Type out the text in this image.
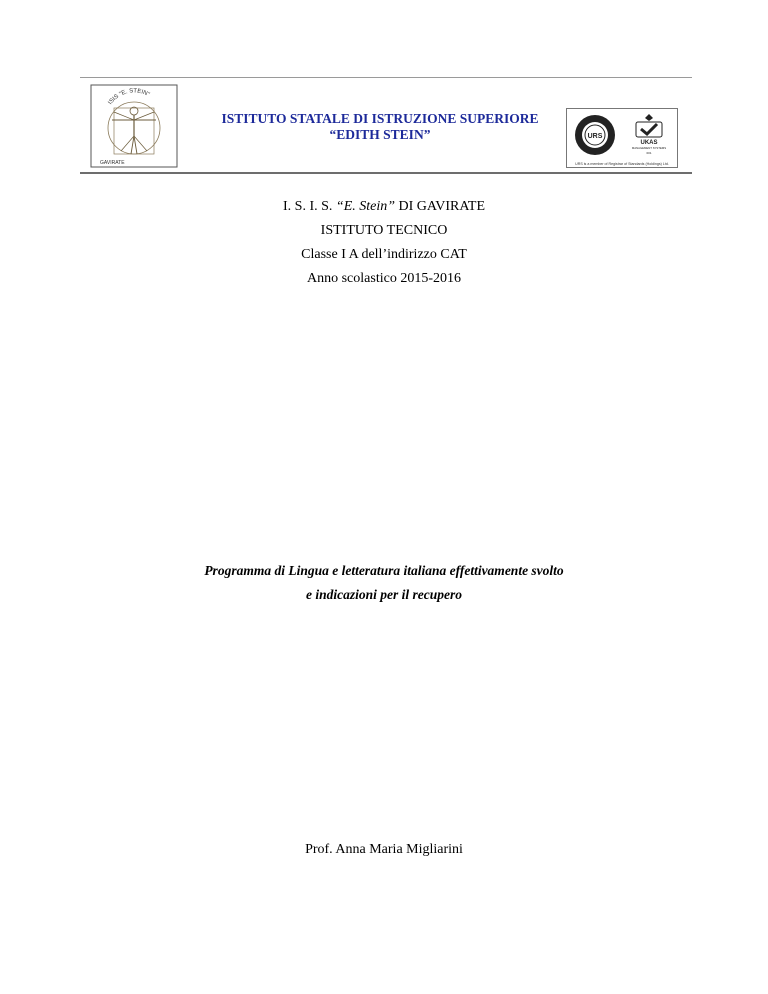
ISIS "E. STEIN"
GAVIRATE
ISTITUTO STATALE DI ISTRUZIONE SUPERIORE
“EDITH STEIN”	URS
UKAS
MANAGEMENT SYSTEMS
001
URS is a member of Registrar of Standards (Holdings) Ltd.
I. S. I. S. “E. Stein” DI GAVIRATE
ISTITUTO TECNICO
Classe I A dell’indirizzo CAT
Anno scolastico 2015-2016
Programma di Lingua e letteratura italiana effettivamente svolto
e indicazioni per il recupero
Prof. Anna Maria Migliarini
